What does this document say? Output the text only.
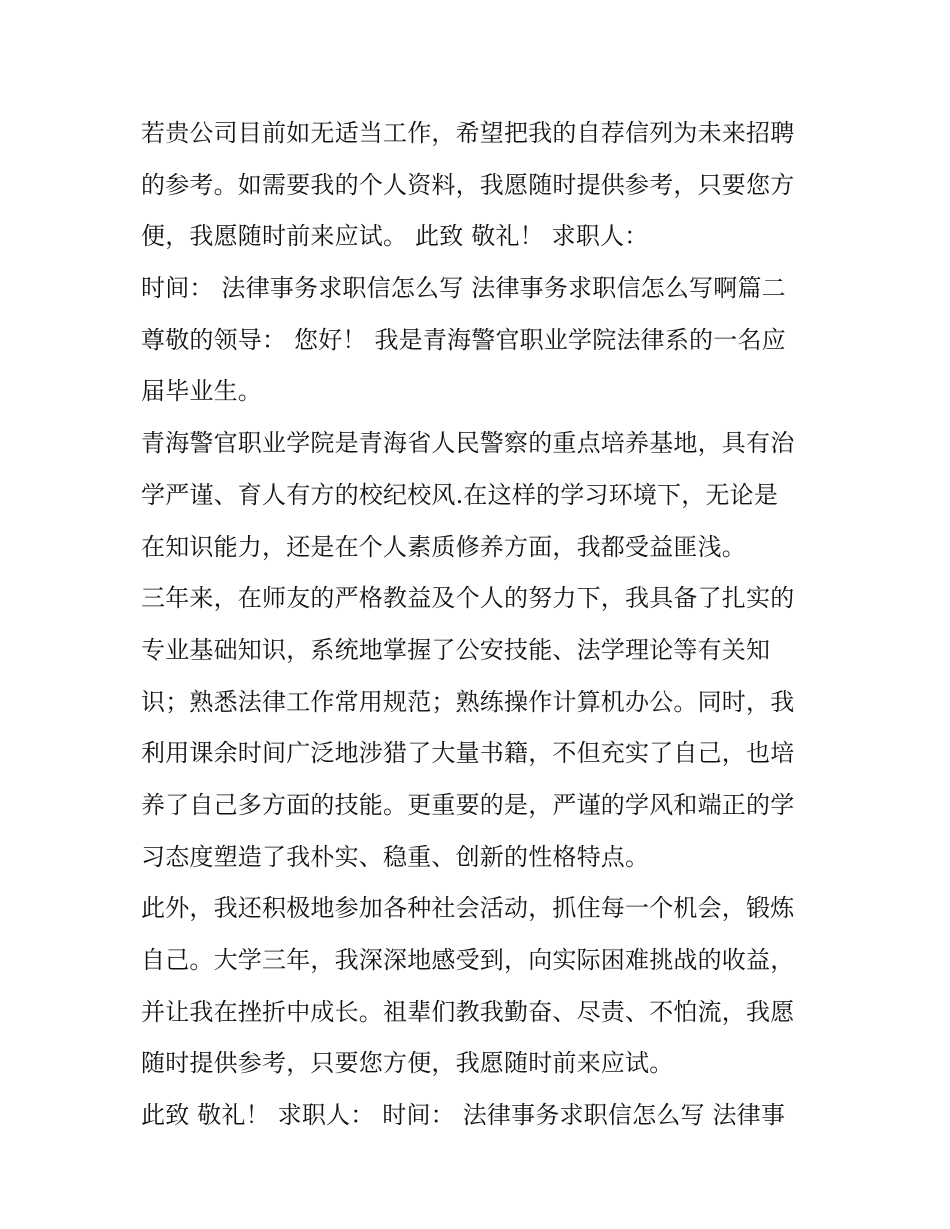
若贵公司目前如无适当工作，希望把我的自荐信列为未来招聘
的参考。如需要我的个人资料，我愿随时提供参考，只要您方
便，我愿随时前来应试。 此致 敬礼！ 求职人：
时间： 法律事务求职信怎么写 法律事务求职信怎么写啊篇二
尊敬的领导： 您好！ 我是青海警官职业学院法律系的一名应
届毕业生。
青海警官职业学院是青海省人民警察的重点培养基地，具有治
学严谨、育人有方的校纪校风.在这样的学习环境下，无论是
在知识能力，还是在个人素质修养方面，我都受益匪浅。
三年来，在师友的严格教益及个人的努力下，我具备了扎实的
专业基础知识，系统地掌握了公安技能、法学理论等有关知
识；熟悉法律工作常用规范；熟练操作计算机办公。同时，我
利用课余时间广泛地涉猎了大量书籍，不但充实了自己，也培
养了自己多方面的技能。更重要的是，严谨的学风和端正的学
习态度塑造了我朴实、稳重、创新的性格特点。
此外，我还积极地参加各种社会活动，抓住每一个机会，锻炼
自己。大学三年，我深深地感受到，向实际困难挑战的收益，
并让我在挫折中成长。祖辈们教我勤奋、尽责、不怕流，我愿
随时提供参考，只要您方便，我愿随时前来应试。
此致 敬礼！ 求职人： 时间： 法律事务求职信怎么写 法律事
